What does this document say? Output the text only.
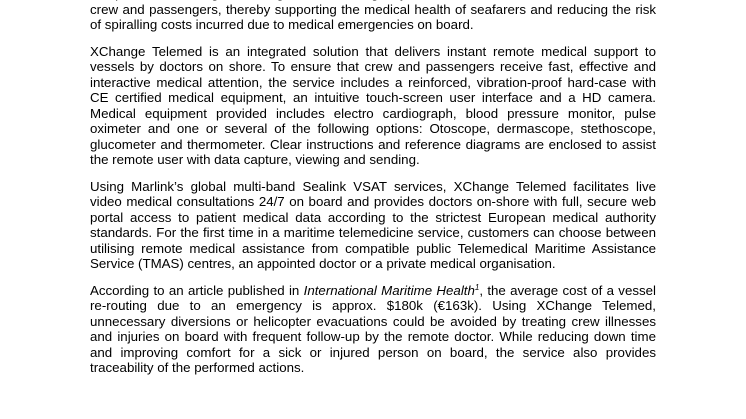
crew and passengers, thereby supporting the medical health of seafarers and reducing the risk of spiralling costs incurred due to medical emergencies on board.

XChange Telemed is an integrated solution that delivers instant remote medical support to vessels by doctors on shore. To ensure that crew and passengers receive fast, effective and interactive medical attention, the service includes a reinforced, vibration-proof hard-case with CE certified medical equipment, an intuitive touch-screen user interface and a HD camera. Medical equipment provided includes electro cardiograph, blood pressure monitor, pulse oximeter and one or several of the following options: Otoscope, dermascope, stethoscope, glucometer and thermometer. Clear instructions and reference diagrams are enclosed to assist the remote user with data capture, viewing and sending.

Using Marlink’s global multi-band Sealink VSAT services, XChange Telemed facilitates live video medical consultations 24/7 on board and provides doctors on-shore with full, secure web portal access to patient medical data according to the strictest European medical authority standards. For the first time in a maritime telemedicine service, customers can choose between utilising remote medical assistance from compatible public Telemedical Maritime Assistance Service (TMAS) centres, an appointed doctor or a private medical organisation.

According to an article published in International Maritime Health$^1$, the average cost of a vessel re-routing due to an emergency is approx. $180k (€163k). Using XChange Telemed, unnecessary diversions or helicopter evacuations could be avoided by treating crew illnesses and injuries on board with frequent follow-up by the remote doctor. While reducing down time and improving comfort for a sick or injured person on board, the service also provides traceability of the performed actions.
